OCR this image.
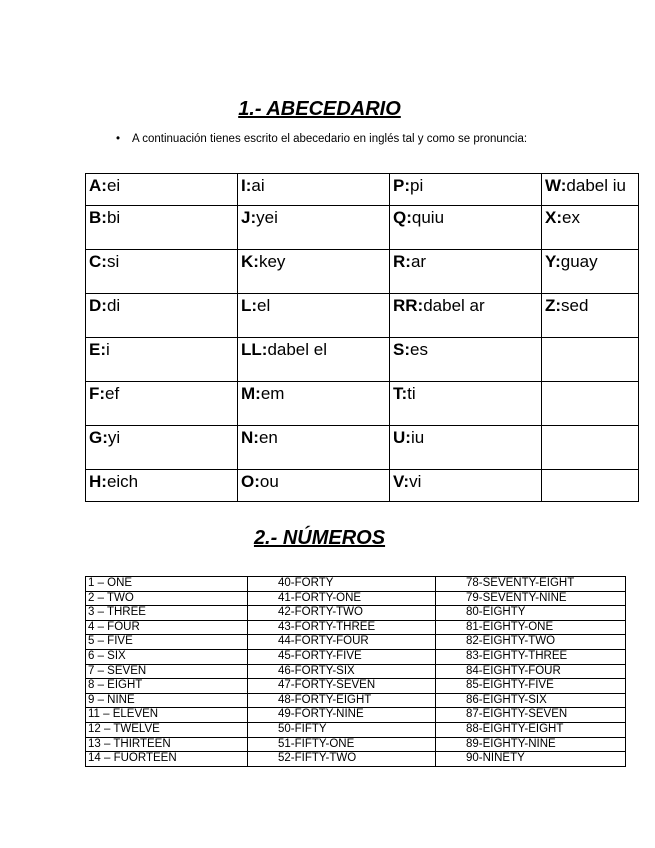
1.- ABECEDARIO
• A continuación tienes escrito el abecedario en inglés tal y como se pronuncia:
A:ei	I:ai	P:pi	W:dabel iu
B:bi	J:yei	Q:quiu	X:ex
C:si	K:key	R:ar	Y:guay
D:di	L:el	RR:dabel ar	Z:sed
E:i	LL:dabel el	S:es	
F:ef	M:em	T:ti	
G:yi	N:en	U:iu	
H:eich	O:ou	V:vi	
2.- NÚMEROS
1 – ONE	40-FORTY	78-SEVENTY-EIGHT
2 – TWO	41-FORTY-ONE	79-SEVENTY-NINE
3 – THREE	42-FORTY-TWO	80-EIGHTY
4 – FOUR	43-FORTY-THREE	81-EIGHTY-ONE
5 – FIVE	44-FORTY-FOUR	82-EIGHTY-TWO
6 – SIX	45-FORTY-FIVE	83-EIGHTY-THREE
7 – SEVEN	46-FORTY-SIX	84-EIGHTY-FOUR
8 – EIGHT	47-FORTY-SEVEN	85-EIGHTY-FIVE
9 – NINE	48-FORTY-EIGHT	86-EIGHTY-SIX
11 – ELEVEN	49-FORTY-NINE	87-EIGHTY-SEVEN
12 – TWELVE	50-FIFTY	88-EIGHTY-EIGHT
13 – THIRTEEN	51-FIFTY-ONE	89-EIGHTY-NINE
14 – FUORTEEN	52-FIFTY-TWO	90-NINETY
